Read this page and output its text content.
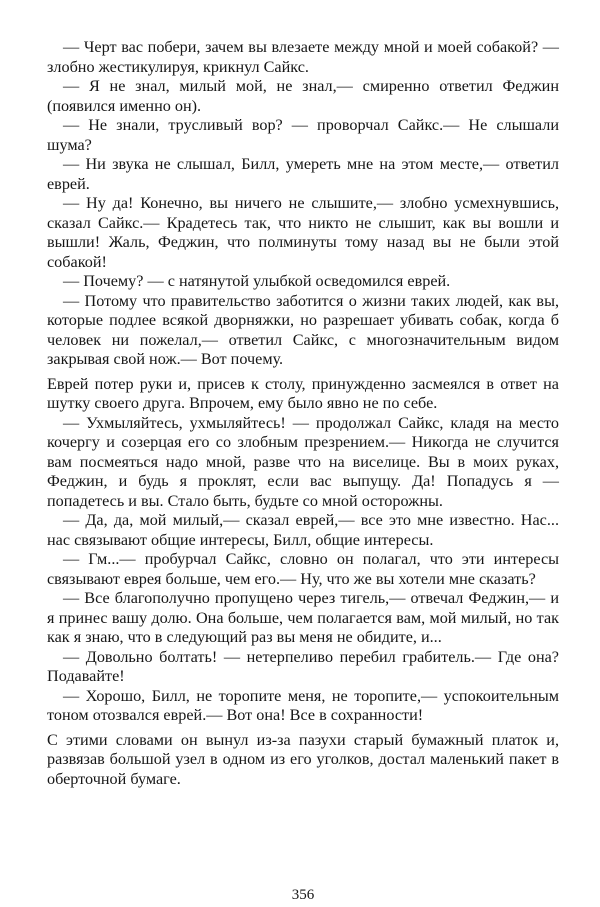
— Черт вас побери, зачем вы влезаете между мной и моей собакой? — злобно жестикулируя, крикнул Сайкс.

— Я не знал, милый мой, не знал,— смиренно ответил Феджин (появился именно он).

— Не знали, трусливый вор? — проворчал Сайкс.— Не слышали шума?

— Ни звука не слышал, Билл, умереть мне на этом месте,— ответил еврей.

— Ну да! Конечно, вы ничего не слышите,— злобно усмехнувшись, сказал Сайкс.— Крадетесь так, что никто не слышит, как вы вошли и вышли! Жаль, Феджин, что полминуты тому назад вы не были этой собакой!

— Почему? — с натянутой улыбкой осведомился еврей.

— Потому что правительство заботится о жизни таких людей, как вы, которые подлее всякой дворняжки, но разрешает убивать собак, когда б человек ни пожелал,— ответил Сайкс, с многозначительным видом закрывая свой нож.— Вот почему.

Еврей потер руки и, присев к столу, принужденно засмеялся в ответ на шутку своего друга. Впрочем, ему было явно не по себе.

— Ухмыляйтесь, ухмыляйтесь! — продолжал Сайкс, кладя на место кочергу и созерцая его со злобным презрением.— Никогда не случится вам посмеяться надо мной, разве что на виселице. Вы в моих руках, Феджин, и будь я проклят, если вас выпущу. Да! Попадусь я — попадетесь и вы. Стало быть, будьте со мной осторожны.

— Да, да, мой милый,— сказал еврей,— все это мне известно. Нас... нас связывают общие интересы, Билл, общие интересы.

— Гм...— пробурчал Сайкс, словно он полагал, что эти интересы связывают еврея больше, чем его.— Ну, что же вы хотели мне сказать?

— Все благополучно пропущено через тигель,— отвечал Феджин,— и я принес вашу долю. Она больше, чем полагается вам, мой милый, но так как я знаю, что в следующий раз вы меня не обидите, и...

— Довольно болтать! — нетерпеливо перебил грабитель.— Где она? Подавайте!

— Хорошо, Билл, не торопите меня, не торопите,— успокоительным тоном отозвался еврей.— Вот она! Все в сохранности!

С этими словами он вынул из-за пазухи старый бумажный платок и, развязав большой узел в одном из его уголков, достал маленький пакет в оберточной бумаге.

356
